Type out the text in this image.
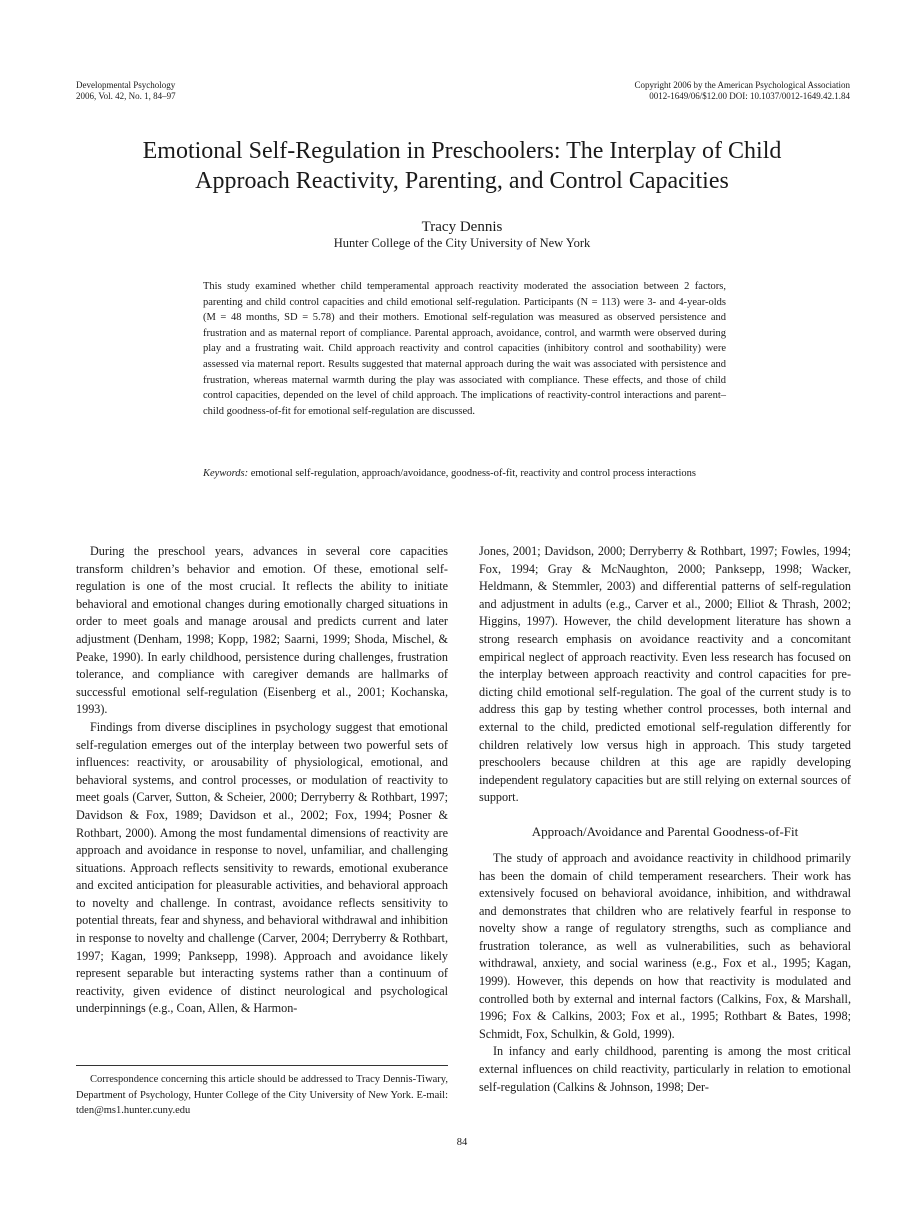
Developmental Psychology
2006, Vol. 42, No. 1, 84–97
Copyright 2006 by the American Psychological Association
0012-1649/06/$12.00 DOI: 10.1037/0012-1649.42.1.84
Emotional Self-Regulation in Preschoolers: The Interplay of Child
Approach Reactivity, Parenting, and Control Capacities
Tracy Dennis
Hunter College of the City University of New York

This study examined whether child temperamental approach reactivity moderated the association between 2 factors, parenting and child control capacities and child emotional self-regulation. Participants (N = 113) were 3- and 4-year-olds (M = 48 months, SD = 5.78) and their mothers. Emotional self-regulation was measured as observed persistence and frustration and as maternal report of compliance. Parental approach, avoidance, control, and warmth were observed during play and a frustrating wait. Child approach reactivity and control capacities (inhibitory control and soothability) were assessed via maternal report. Results suggested that maternal approach during the wait was associated with persistence and frustration, whereas maternal warmth during the play was associated with compliance. These effects, and those of child control capacities, depended on the level of child approach. The implications of reactivity-control interactions and parent–child goodness-of-fit for emotional self-regulation are discussed.

Keywords: emotional self-regulation, approach/avoidance, goodness-of-fit, reactivity and control process interactions

During the preschool years, advances in several core capacities transform children’s behavior and emotion. Of these, emotional self-regulation is one of the most crucial. It reflects the ability to initiate behavioral and emotional changes during emotionally charged situations in order to meet goals and manage arousal and predicts current and later adjustment (Denham, 1998; Kopp, 1982; Saarni, 1999; Shoda, Mischel, & Peake, 1990). In early childhood, persistence during challenges, frustration tolerance, and compliance with caregiver demands are hallmarks of successful emotional self-regulation (Eisenberg et al., 2001; Kochanska, 1993).

Findings from diverse disciplines in psychology suggest that emotional self-regulation emerges out of the interplay between two powerful sets of influences: reactivity, or arousability of physiological, emotional, and behavioral systems, and control processes, or modulation of reactivity to meet goals (Carver, Sutton, & Scheier, 2000; Derryberry & Rothbart, 1997; Davidson & Fox, 1989; Davidson et al., 2002; Fox, 1994; Posner & Rothbart, 2000). Among the most fundamental dimensions of reactivity are approach and avoidance in response to novel, unfamiliar, and challenging situations. Approach reflects sensitivity to rewards, emotional exuberance and excited anticipation for pleasurable activities, and behavioral approach to novelty and challenge. In contrast, avoidance reflects sensitivity to potential threats, fear and shyness, and behavioral withdrawal and inhibition in response to novelty and challenge (Carver, 2004; Derryberry & Rothbart, 1997; Kagan, 1999; Panksepp, 1998). Approach and avoidance likely represent separable but interacting systems rather than a continuum of reactivity, given evidence of distinct neurological and psychological underpinnings (e.g., Coan, Allen, & Harmon-

Jones, 2001; Davidson, 2000; Derryberry & Rothbart, 1997; Fowles, 1994; Fox, 1994; Gray & McNaughton, 2000; Panksepp, 1998; Wacker, Heldmann, & Stemmler, 2003) and differential patterns of self-regulation and adjustment in adults (e.g., Carver et al., 2000; Elliot & Thrash, 2002; Higgins, 1997). However, the child development literature has shown a strong research emphasis on avoidance reactivity and a concomitant empirical neglect of approach reactivity. Even less research has focused on the interplay between approach reactivity and control capacities for predicting child emotional self-regulation. The goal of the current study is to address this gap by testing whether control processes, both internal and external to the child, predicted emotional self-regulation differently for children relatively low versus high in approach. This study targeted preschoolers because children at this age are rapidly developing independent regulatory capacities but are still relying on external sources of support.

Approach/Avoidance and Parental Goodness-of-Fit

The study of approach and avoidance reactivity in childhood primarily has been the domain of child temperament researchers. Their work has extensively focused on behavioral avoidance, inhibition, and withdrawal and demonstrates that children who are relatively fearful in response to novelty show a range of regulatory strengths, such as compliance and frustration tolerance, as well as vulnerabilities, such as behavioral withdrawal, anxiety, and social wariness (e.g., Fox et al., 1995; Kagan, 1999). However, this depends on how that reactivity is modulated and controlled both by external and internal factors (Calkins, Fox, & Marshall, 1996; Fox & Calkins, 2003; Fox et al., 1995; Rothbart & Bates, 1998; Schmidt, Fox, Schulkin, & Gold, 1999).

In infancy and early childhood, parenting is among the most critical external influences on child reactivity, particularly in relation to emotional self-regulation (Calkins & Johnson, 1998; Der-

Correspondence concerning this article should be addressed to Tracy Dennis-Tiwary, Department of Psychology, Hunter College of the City University of New York. E-mail: tden@ms1.hunter.cuny.edu

84
